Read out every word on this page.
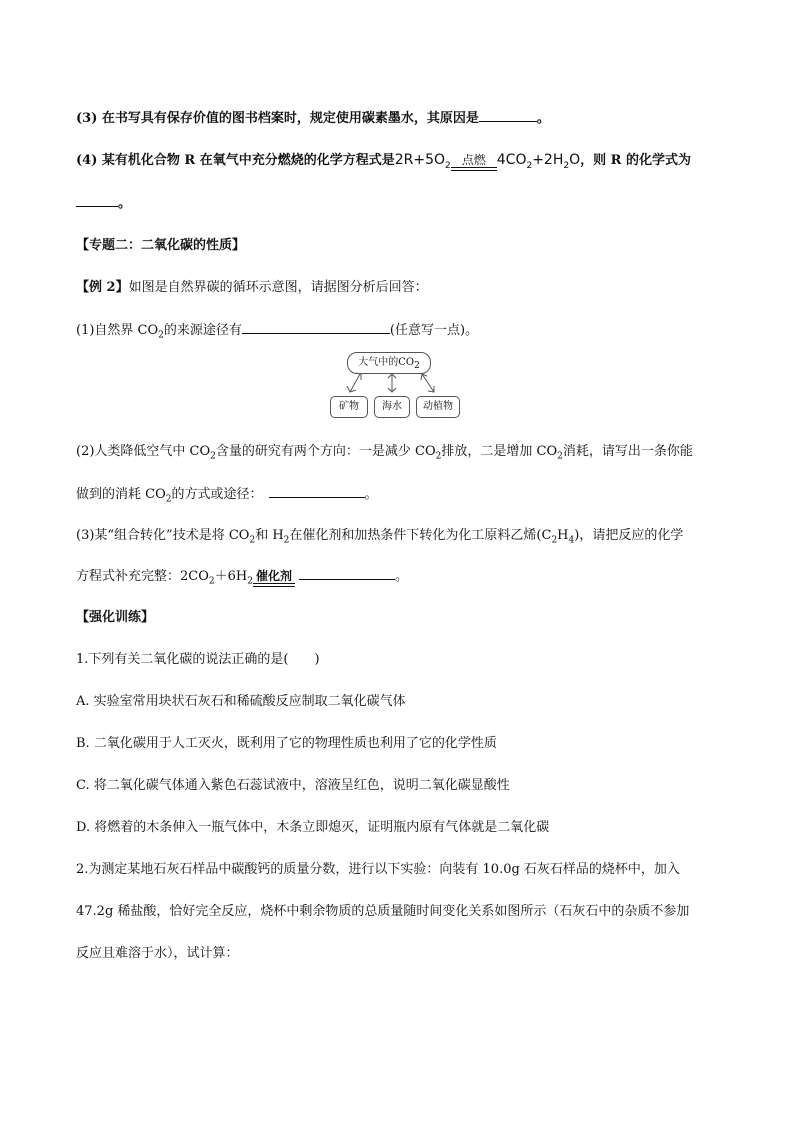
(3) 在书写具有保存价值的图书档案时，规定使用碳素墨水，其原因是	。
(4) 某有机化合物 R 在氧气中充分燃烧的化学方程式是$2R+5O_2$ 点燃 $4CO_2+2H_2O$，则 R 的化学式为
。
【专题二：二氧化碳的性质】
【例 2】如图是自然界碳的循环示意图，请据图分析后回答：
(1)自然界 $CO_2$的来源途径有	(任意写一点)。
大气中的$CO_2$
矿物	海水	动植物
(2)人类降低空气中 $CO_2$含量的研究有两个方向：一是减少 $CO_2$排放，二是增加 $CO_2$消耗，请写出一条你能
做到的消耗 $CO_2$的方式或途径：	。
(3)某“组合转化”技术是将 $CO_2$和 $H_2$在催化剂和加热条件下转化为化工原料乙烯$(C_2H_4)$，请把反应的化学
方程式补充完整：$2CO_2+6H_2$ 催化剂	。
【强化训练】
1.下列有关二氧化碳的说法正确的是(　　)
A. 实验室常用块状石灰石和稀硫酸反应制取二氧化碳气体
B. 二氧化碳用于人工灭火，既利用了它的物理性质也利用了它的化学性质
C. 将二氧化碳气体通入紫色石蕊试液中，溶液呈红色，说明二氧化碳显酸性
D. 将燃着的木条伸入一瓶气体中，木条立即熄灭，证明瓶内原有气体就是二氧化碳
2.为测定某地石灰石样品中碳酸钙的质量分数，进行以下实验：向装有 10.0g 石灰石样品的烧杯中，加入
47.2g 稀盐酸，恰好完全反应，烧杯中剩余物质的总质量随时间变化关系如图所示（石灰石中的杂质不参加
反应且难溶于水），试计算：
